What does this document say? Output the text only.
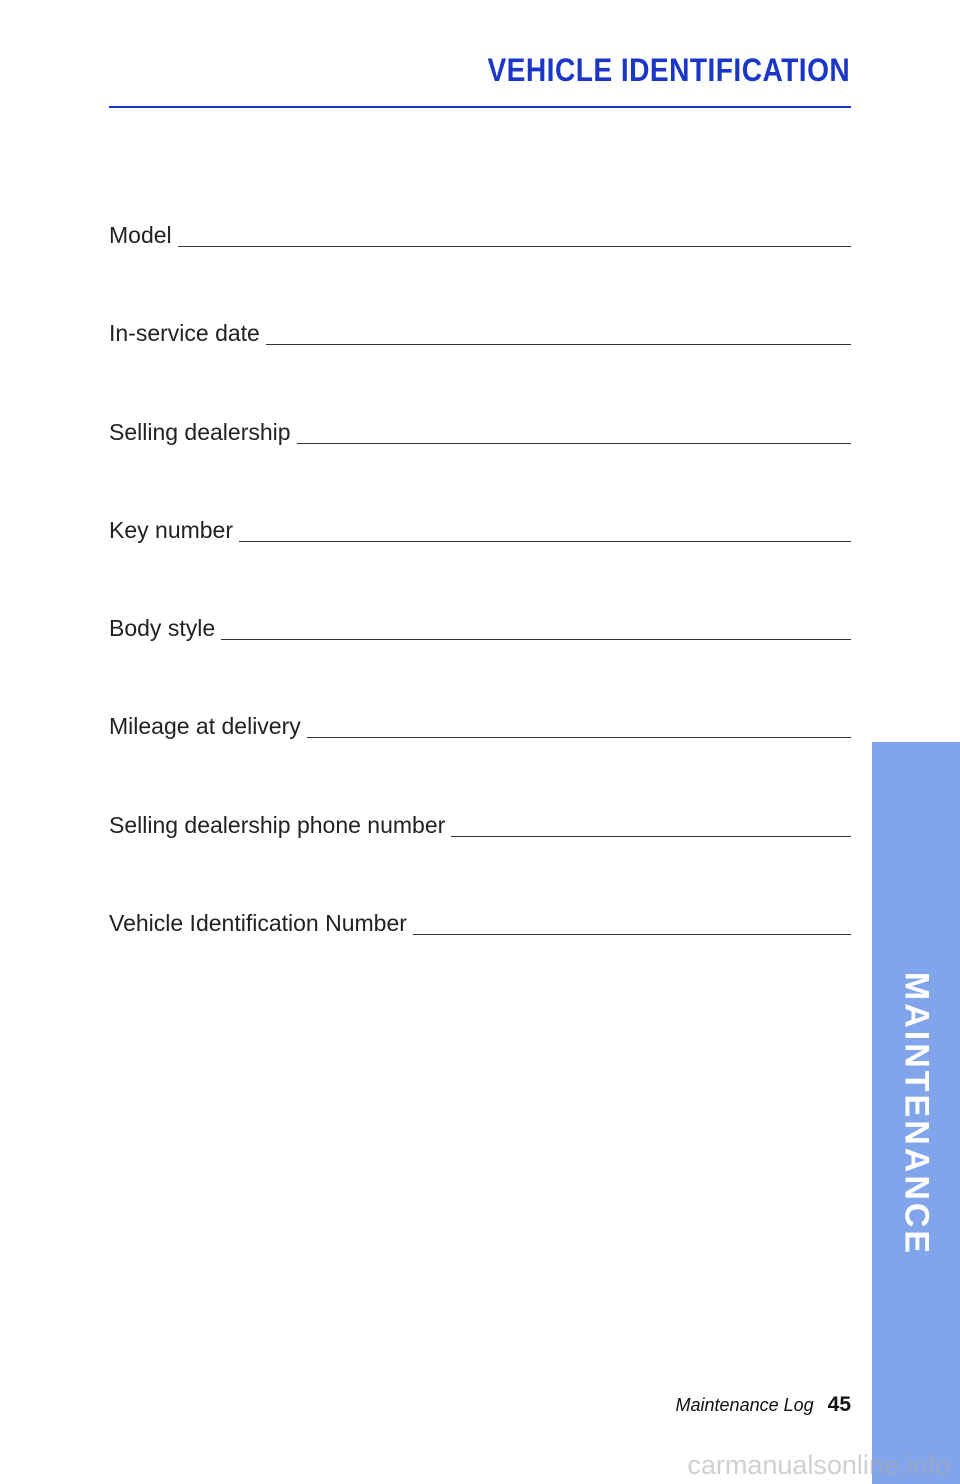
VEHICLE IDENTIFICATION
Model
In-service date
Selling dealership
Key number
Body style
Mileage at delivery
Selling dealership phone number
Vehicle Identification Number
MAINTENANCE
Maintenance Log 45
carmanualsonline.info
